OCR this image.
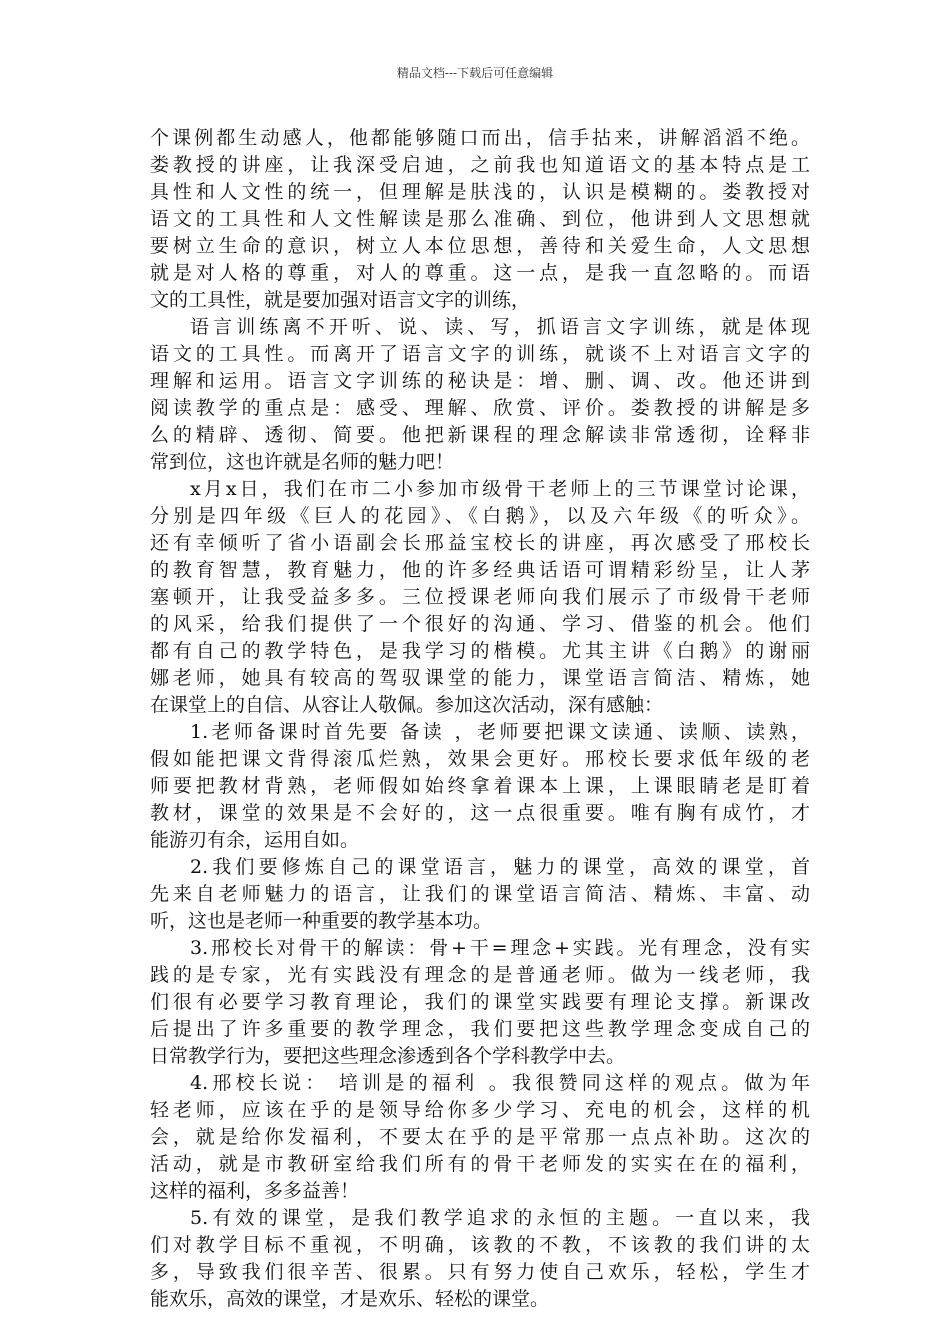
精品文档---下载后可任意编辑
个课例都生动感人，他都能够随口而出，信手拈来，讲解滔滔不绝。
娄教授的讲座，让我深受启迪，之前我也知道语文的基本特点是工
具性和人文性的统一，但理解是肤浅的，认识是模糊的。娄教授对
语文的工具性和人文性解读是那么准确、到位，他讲到人文思想就
要树立生命的意识，树立人本位思想，善待和关爱生命，人文思想
就是对人格的尊重，对人的尊重。这一点，是我一直忽略的。而语
文的工具性，就是要加强对语言文字的训练，
语言训练离不开听、说、读、写，抓语言文字训练，就是体现
语文的工具性。而离开了语言文字的训练，就谈不上对语言文字的
理解和运用。语言文字训练的秘诀是：增、删、调、改。他还讲到
阅读教学的重点是：感受、理解、欣赏、评价。娄教授的讲解是多
么的精辟、透彻、简要。他把新课程的理念解读非常透彻，诠释非
常到位，这也许就是名师的魅力吧！
x月x日，我们在市二小参加市级骨干老师上的三节课堂讨论课，
分别是四年级《巨人的花园》、《白鹅》，以及六年级《的听众》。
还有幸倾听了省小语副会长邢益宝校长的讲座，再次感受了邢校长
的教育智慧，教育魅力，他的许多经典话语可谓精彩纷呈，让人茅
塞顿开，让我受益多多。三位授课老师向我们展示了市级骨干老师
的风采，给我们提供了一个很好的沟通、学习、借鉴的机会。他们
都有自己的教学特色，是我学习的楷模。尤其主讲《白鹅》的谢丽
娜老师，她具有较高的驾驭课堂的能力，课堂语言简洁、精炼，她
在课堂上的自信、从容让人敬佩。参加这次活动，深有感触：
1.老师备课时首先要 备读 ，老师要把课文读通、读顺、读熟，
假如能把课文背得滚瓜烂熟，效果会更好。邢校长要求低年级的老
师要把教材背熟，老师假如始终拿着课本上课，上课眼睛老是盯着
教材，课堂的效果是不会好的，这一点很重要。唯有胸有成竹，才
能游刃有余，运用自如。
2.我们要修炼自己的课堂语言，魅力的课堂，高效的课堂，首
先来自老师魅力的语言，让我们的课堂语言简洁、精炼、丰富、动
听，这也是老师一种重要的教学基本功。
3.邢校长对骨干的解读：骨+干=理念+实践。光有理念，没有实
践的是专家，光有实践没有理念的是普通老师。做为一线老师，我
们很有必要学习教育理论，我们的课堂实践要有理论支撑。新课改
后提出了许多重要的教学理念，我们要把这些教学理念变成自己的
日常教学行为，要把这些理念渗透到各个学科教学中去。
4.邢校长说： 培训是的福利 。我很赞同这样的观点。做为年
轻老师，应该在乎的是领导给你多少学习、充电的机会，这样的机
会，就是给你发福利，不要太在乎的是平常那一点点补助。这次的
活动，就是市教研室给我们所有的骨干老师发的实实在在的福利，
这样的福利，多多益善！
5.有效的课堂，是我们教学追求的永恒的主题。一直以来，我
们对教学目标不重视，不明确，该教的不教，不该教的我们讲的太
多，导致我们很辛苦、很累。只有努力使自己欢乐，轻松，学生才
能欢乐，高效的课堂，才是欢乐、轻松的课堂。
